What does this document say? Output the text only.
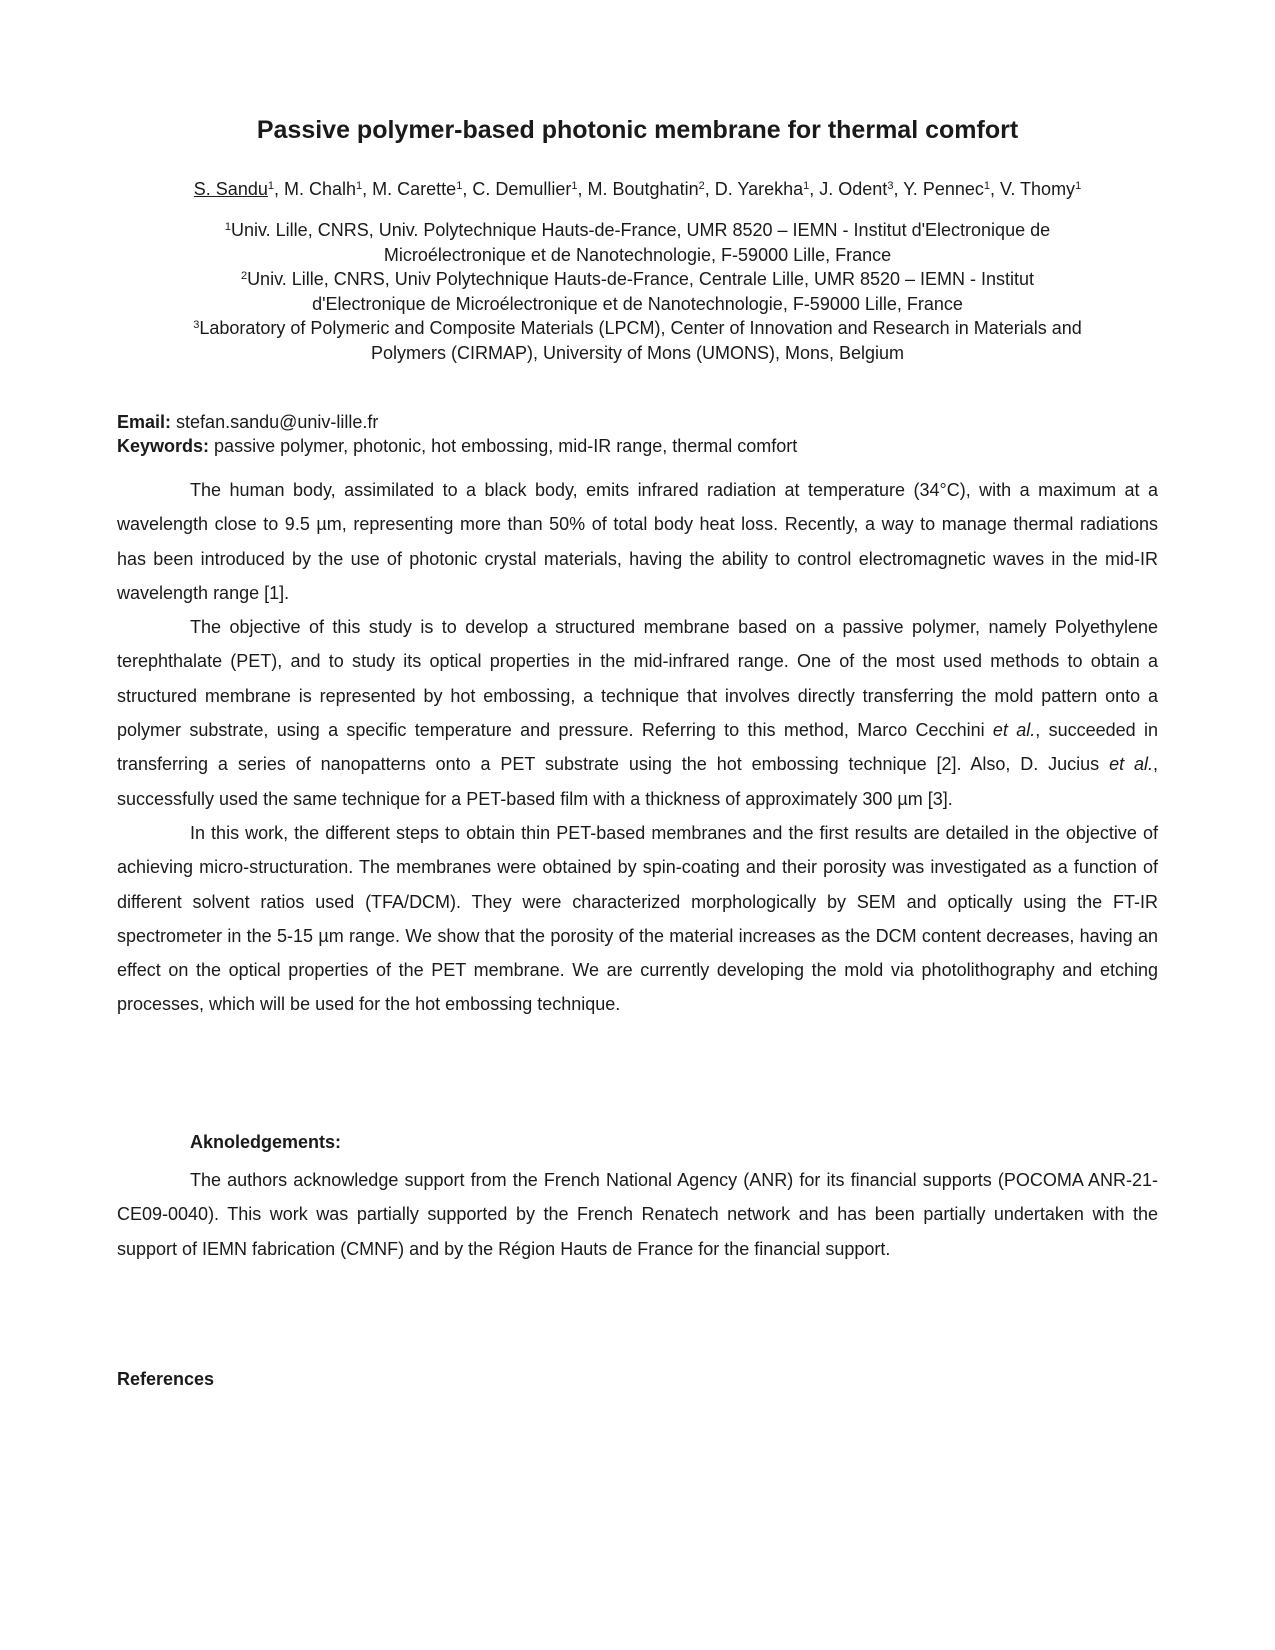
Passive polymer-based photonic membrane for thermal comfort
S. Sandu$^1$, M. Chalh$^1$, M. Carette$^1$, C. Demullier$^1$, M. Boutghatin$^2$, D. Yarekha$^1$, J. Odent$^3$, Y. Pennec$^1$, V. Thomy$^1$
$^1$Univ. Lille, CNRS, Univ. Polytechnique Hauts-de-France, UMR 8520 – IEMN - Institut d'Electronique de
Microélectronique et de Nanotechnologie, F-59000 Lille, France
$^2$Univ. Lille, CNRS, Univ Polytechnique Hauts-de-France, Centrale Lille, UMR 8520 – IEMN - Institut
d'Electronique de Microélectronique et de Nanotechnologie, F-59000 Lille, France
$^3$Laboratory of Polymeric and Composite Materials (LPCM), Center of Innovation and Research in Materials and
Polymers (CIRMAP), University of Mons (UMONS), Mons, Belgium
Email: stefan.sandu@univ-lille.fr
Keywords: passive polymer, photonic, hot embossing, mid-IR range, thermal comfort

The human body, assimilated to a black body, emits infrared radiation at temperature (34°C), with a maximum at a wavelength close to 9.5 µm, representing more than 50% of total body heat loss. Recently, a way to manage thermal radiations has been introduced by the use of photonic crystal materials, having the ability to control electromagnetic waves in the mid-IR wavelength range [1].

The objective of this study is to develop a structured membrane based on a passive polymer, namely Polyethylene terephthalate (PET), and to study its optical properties in the mid-infrared range. One of the most used methods to obtain a structured membrane is represented by hot embossing, a technique that involves directly transferring the mold pattern onto a polymer substrate, using a specific temperature and pressure. Referring to this method, Marco Cecchini et al., succeeded in transferring a series of nanopatterns onto a PET substrate using the hot embossing technique [2]. Also, D. Jucius et al., successfully used the same technique for a PET-based film with a thickness of approximately 300 µm [3].

In this work, the different steps to obtain thin PET-based membranes and the first results are detailed in the objective of achieving micro-structuration. The membranes were obtained by spin-coating and their porosity was investigated as a function of different solvent ratios used (TFA/DCM). They were characterized morphologically by SEM and optically using the FT-IR spectrometer in the 5-15 µm range. We show that the porosity of the material increases as the DCM content decreases, having an effect on the optical properties of the PET membrane. We are currently developing the mold via photolithography and etching processes, which will be used for the hot embossing technique.

Aknoledgements:

The authors acknowledge support from the French National Agency (ANR) for its financial supports (POCOMA ANR-21-CE09-0040). This work was partially supported by the French Renatech network and has been partially undertaken with the support of IEMN fabrication (CMNF) and by the Région Hauts de France for the financial support.

References
